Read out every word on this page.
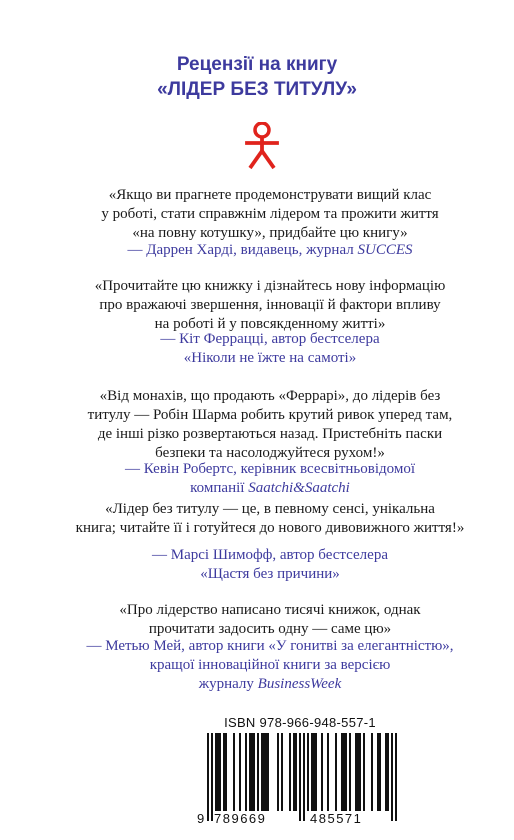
Рецензії на книгу
«ЛІДЕР БЕЗ ТИТУЛУ»
«Якщо ви прагнете продемонструвати вищий клас
у роботі, стати справжнім лідером та прожити життя
«на повну котушку», придбайте цю книгу»
— Даррен Харді, видавець, журнал SUCCES
«Прочитайте цю книжку і дізнайтесь нову інформацію
про вражаючі звершення, інновації й фактори впливу
на роботі й у повсякденному житті»
— Кіт Феррацці, автор бестселера
«Ніколи не їжте на самоті»
«Від монахів, що продають «Феррарі», до лідерів без
титулу — Робін Шарма робить крутий ривок уперед там,
де інші різко розвертаються назад. Пристебніть паски
безпеки та насолоджуйтеся рухом!»
— Кевін Робертс, керівник всесвітньовідомої
компанії Saatchi&Saatchi
«Лідер без титулу — це, в певному сенсі, унікальна
книга; читайте її і готуйтеся до нового дивовижного життя!»
— Марсі Шимофф, автор бестселера
«Щастя без причини»
«Про лідерство написано тисячі книжок, однак
прочитати задосить одну — саме цю»
— Метью Мей, автор книги «У гонитві за елегантністю»,
кращої інноваційної книги за версією
журналу BusinessWeek
ISBN 978-966-948-557-1
9 789669	485571
